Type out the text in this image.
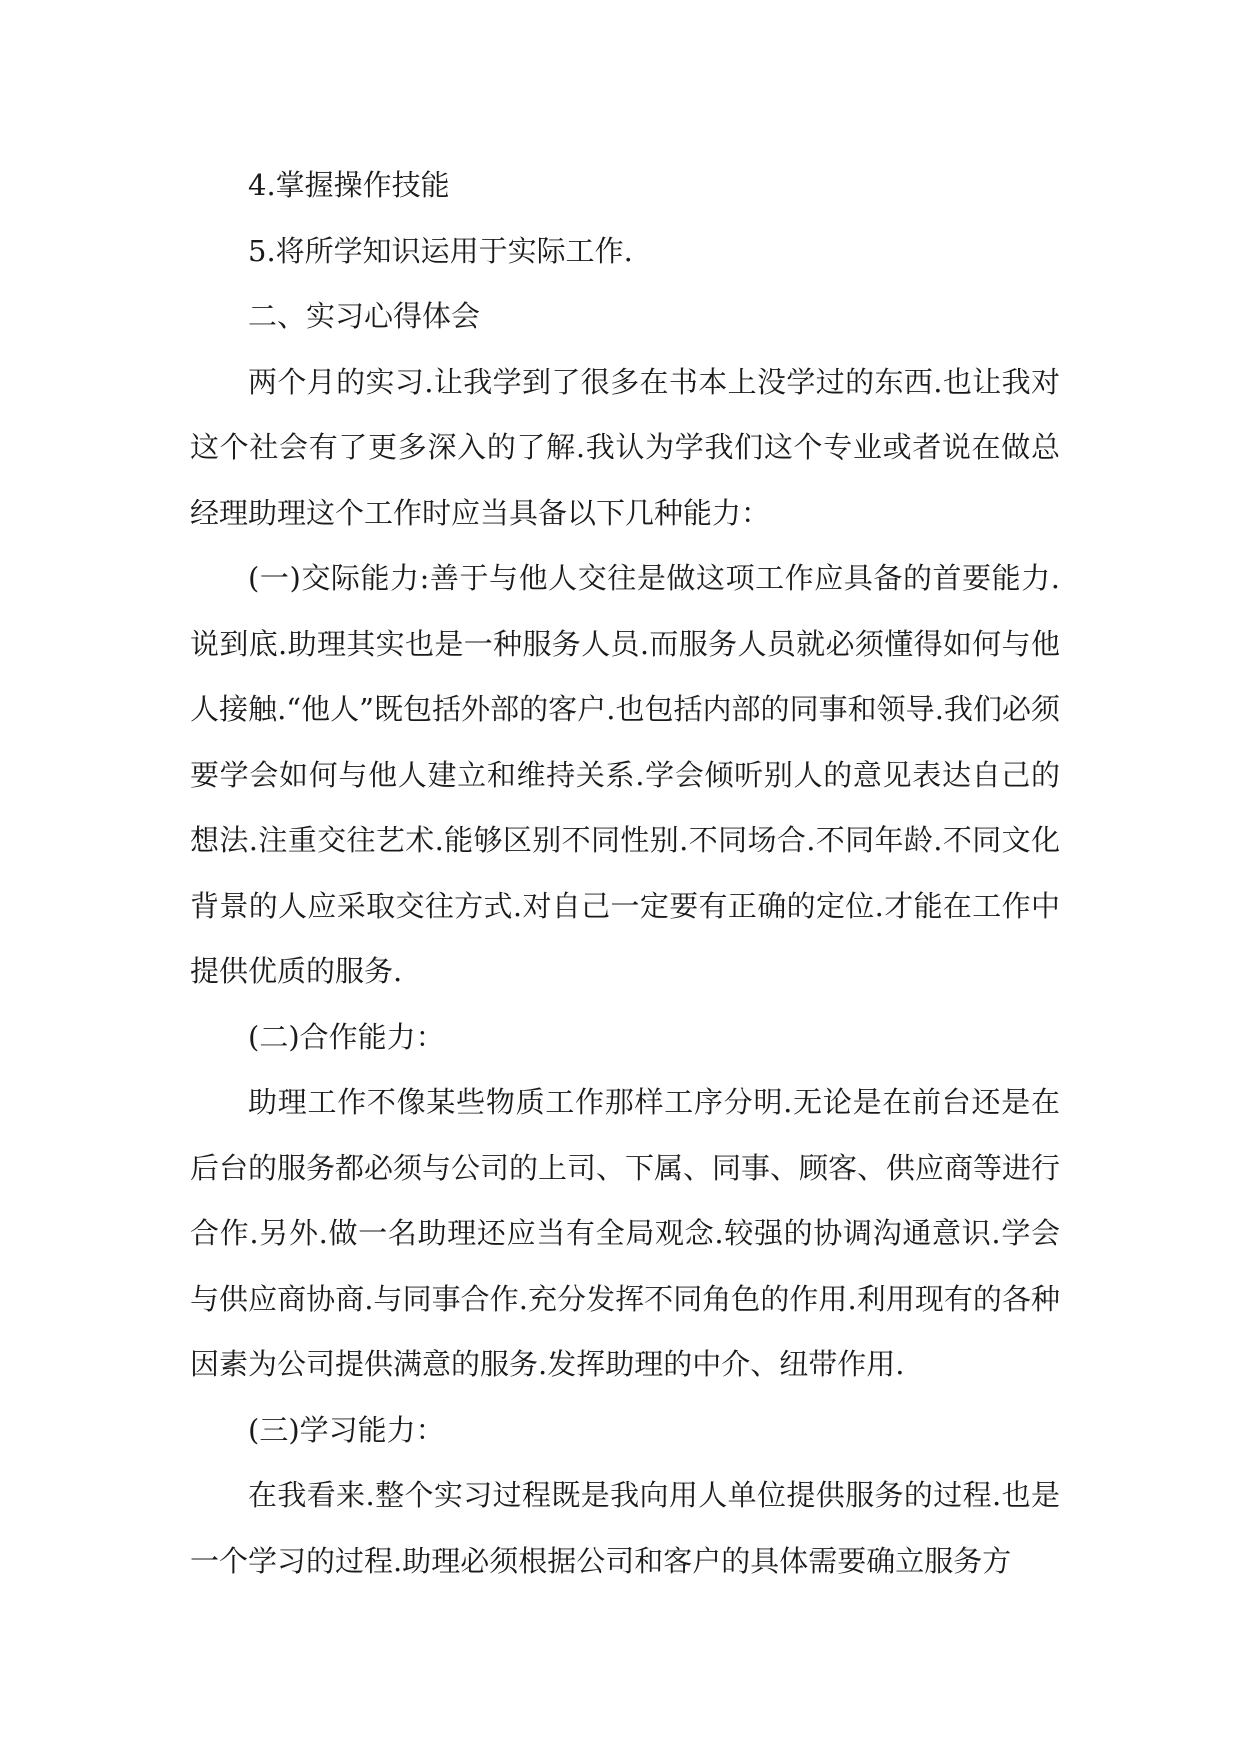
4.掌握操作技能

5.将所学知识运用于实际工作.

二、实习心得体会

两个月的实习.让我学到了很多在书本上没学过的东西.也让我对这个社会有了更多深入的了解.我认为学我们这个专业或者说在做总经理助理这个工作时应当具备以下几种能力：

(一)交际能力:善于与他人交往是做这项工作应具备的首要能力.说到底.助理其实也是一种服务人员.而服务人员就必须懂得如何与他人接触.“他人”既包括外部的客户.也包括内部的同事和领导.我们必须要学会如何与他人建立和维持关系.学会倾听别人的意见表达自己的想法.注重交往艺术.能够区别不同性别.不同场合.不同年龄.不同文化背景的人应采取交往方式.对自己一定要有正确的定位.才能在工作中提供优质的服务.

(二)合作能力：

助理工作不像某些物质工作那样工序分明.无论是在前台还是在后台的服务都必须与公司的上司、下属、同事、顾客、供应商等进行合作.另外.做一名助理还应当有全局观念.较强的协调沟通意识.学会与供应商协商.与同事合作.充分发挥不同角色的作用.利用现有的各种因素为公司提供满意的服务.发挥助理的中介、纽带作用.

(三)学习能力：

在我看来.整个实习过程既是我向用人单位提供服务的过程.也是一个学习的过程.助理必须根据公司和客户的具体需要确立服务方
